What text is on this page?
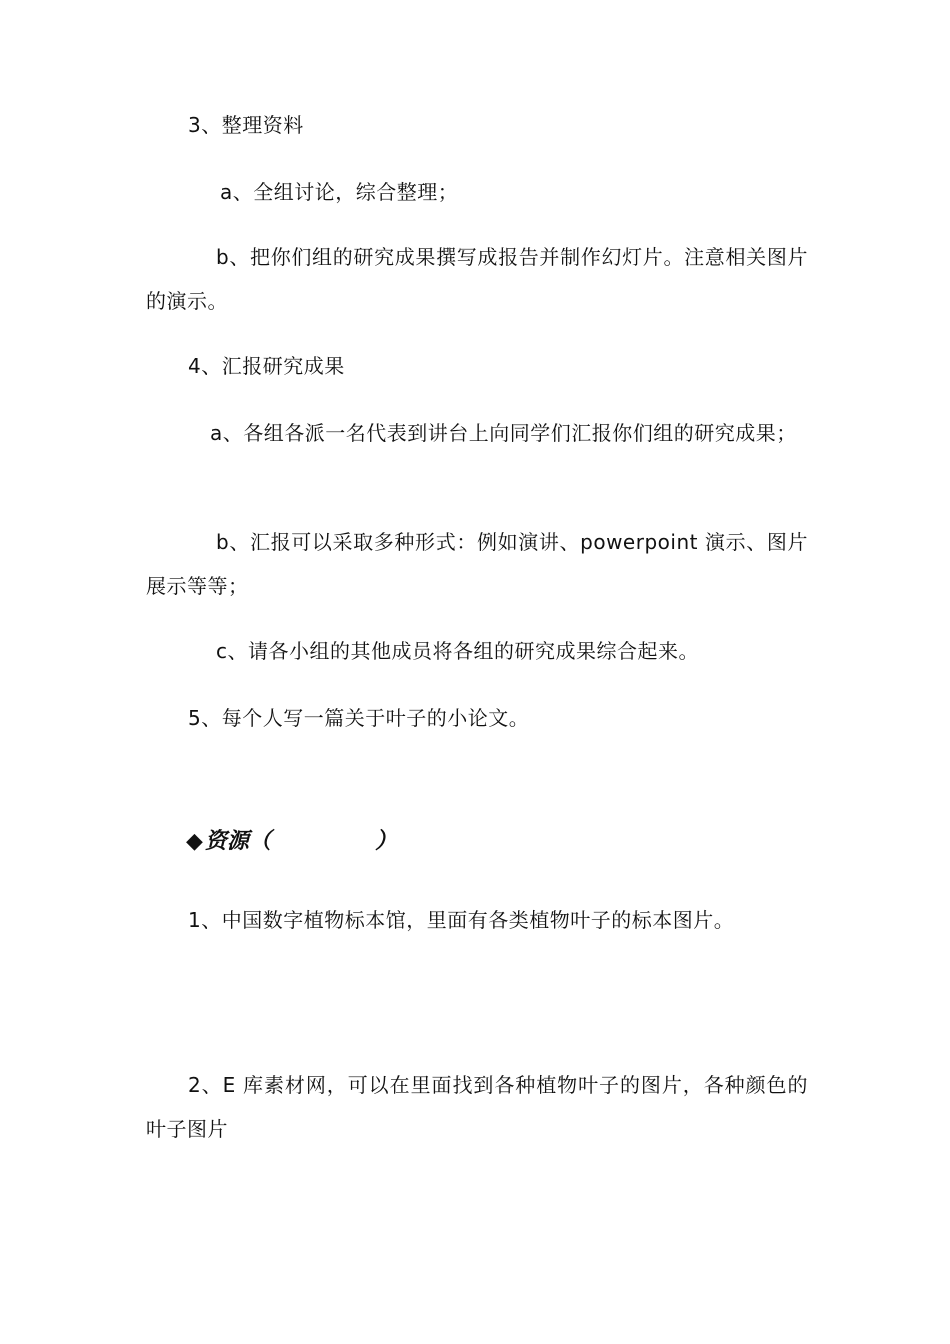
3、整理资料
a、全组讨论，综合整理；
b、把你们组的研究成果撰写成报告并制作幻灯片。注意相关图片的演示。
4、汇报研究成果
a、各组各派一名代表到讲台上向同学们汇报你们组的研究成果；
b、汇报可以采取多种形式：例如演讲、powerpoint 演示、图片展示等等；
c、请各小组的其他成员将各组的研究成果综合起来。
5、每个人写一篇关于叶子的小论文。
◆资源（	）
1、中国数字植物标本馆，里面有各类植物叶子的标本图片。
2、E 库素材网，可以在里面找到各种植物叶子的图片，各种颜色的叶子图片
